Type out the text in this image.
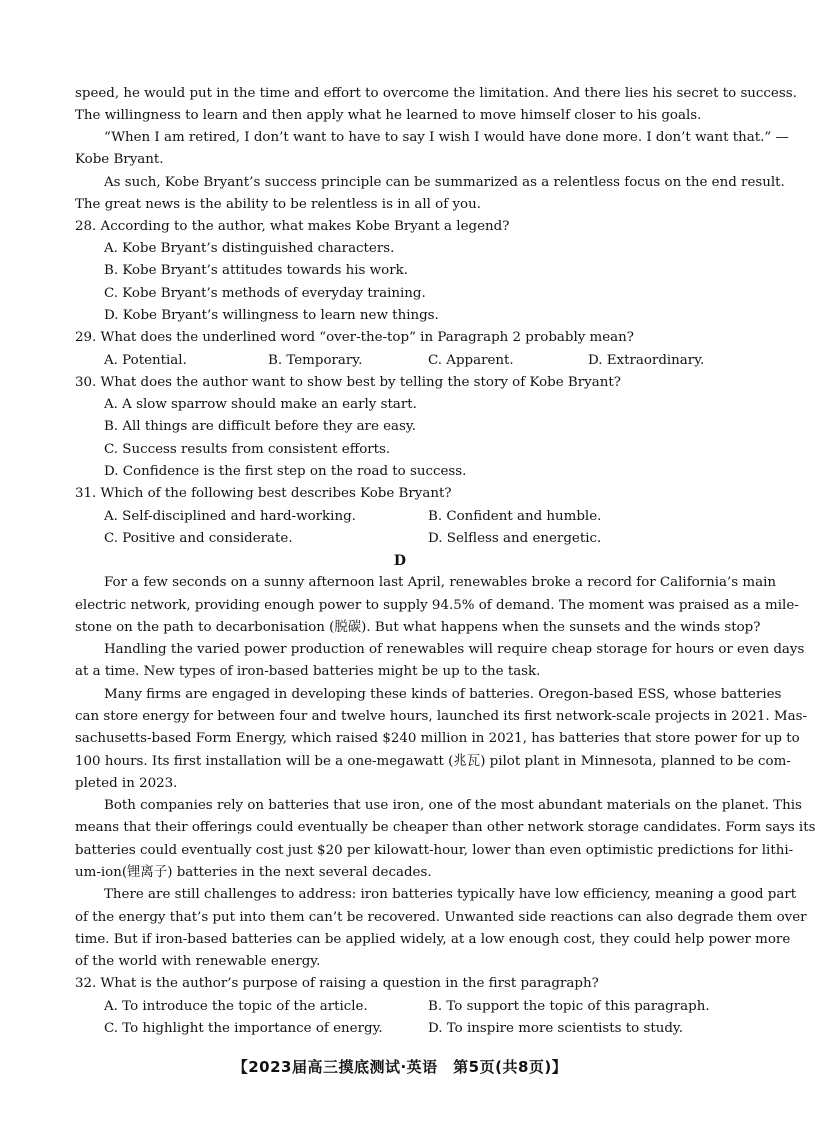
speed, he would put in the time and effort to overcome the limitation. And there lies his secret to success.
The willingness to learn and then apply what he learned to move himself closer to his goals.
“When I am retired, I don’t want to have to say I wish I would have done more. I don’t want that.” —
Kobe Bryant.
As such, Kobe Bryant’s success principle can be summarized as a relentless focus on the end result.
The great news is the ability to be relentless is in all of you.
28. According to the author, what makes Kobe Bryant a legend?
A. Kobe Bryant’s distinguished characters.
B. Kobe Bryant’s attitudes towards his work.
C. Kobe Bryant’s methods of everyday training.
D. Kobe Bryant’s willingness to learn new things.
29. What does the underlined word “over-the-top” in Paragraph 2 probably mean?
A. Potential.	B. Temporary.	C. Apparent.	D. Extraordinary.
30. What does the author want to show best by telling the story of Kobe Bryant?
A. A slow sparrow should make an early start.
B. All things are difficult before they are easy.
C. Success results from consistent efforts.
D. Confidence is the first step on the road to success.
31. Which of the following best describes Kobe Bryant?
A. Self-disciplined and hard-working.	B. Confident and humble.
C. Positive and considerate.	D. Selfless and energetic.
D
For a few seconds on a sunny afternoon last April, renewables broke a record for California’s main
electric network, providing enough power to supply 94.5% of demand. The moment was praised as a mile-
stone on the path to decarbonisation (脱碳). But what happens when the sunsets and the winds stop?
Handling the varied power production of renewables will require cheap storage for hours or even days
at a time. New types of iron-based batteries might be up to the task.
Many firms are engaged in developing these kinds of batteries. Oregon-based ESS, whose batteries
can store energy for between four and twelve hours, launched its first network-scale projects in 2021. Mas-
sachusetts-based Form Energy, which raised $240 million in 2021, has batteries that store power for up to
100 hours. Its first installation will be a one-megawatt (兆瓦) pilot plant in Minnesota, planned to be com-
pleted in 2023.
Both companies rely on batteries that use iron, one of the most abundant materials on the planet. This
means that their offerings could eventually be cheaper than other network storage candidates. Form says its
batteries could eventually cost just $20 per kilowatt-hour, lower than even optimistic predictions for lithi-
um-ion(锂离子) batteries in the next several decades.
There are still challenges to address: iron batteries typically have low efficiency, meaning a good part
of the energy that’s put into them can’t be recovered. Unwanted side reactions can also degrade them over
time. But if iron-based batteries can be applied widely, at a low enough cost, they could help power more
of the world with renewable energy.
32. What is the author’s purpose of raising a question in the first paragraph?
A. To introduce the topic of the article.	B. To support the topic of this paragraph.
C. To highlight the importance of energy.	D. To inspire more scientists to study.
【2023届高三摸底测试·英语　第5页(共8页)】
